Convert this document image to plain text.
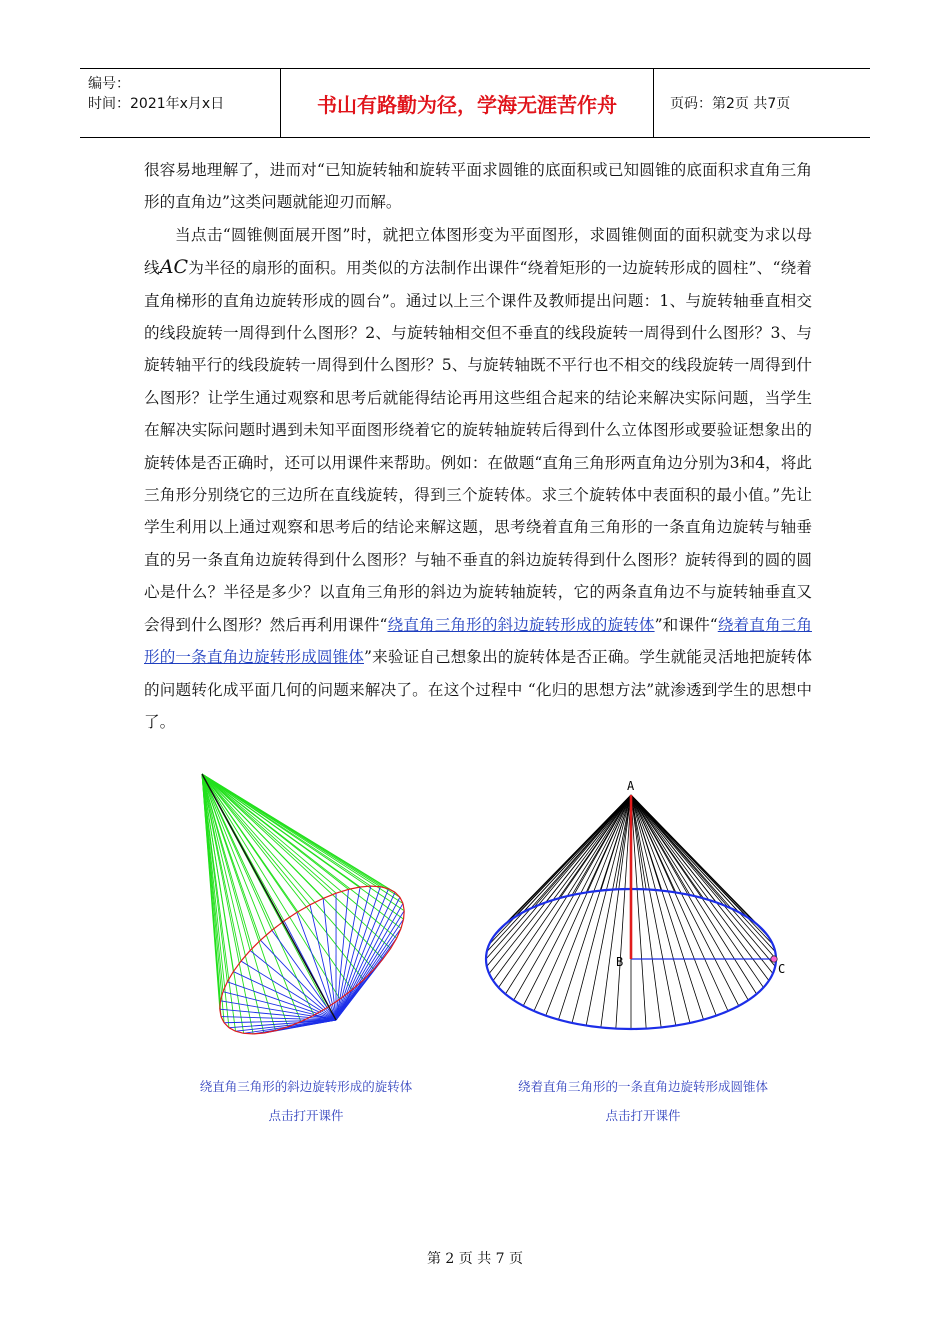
编号：
时间：2021年x月x日	书山有路勤为径，学海无涯苦作舟	页码：第2页 共7页

很容易地理解了，进而对“已知旋转轴和旋转平面求圆锥的底面积或已知圆锥的底面积求直角三角形的直角边”这类问题就能迎刃而解。

当点击“圆锥侧面展开图”时，就把立体图形变为平面图形，求圆锥侧面的面积就变为求以母线AC为半径的扇形的面积。用类似的方法制作出课件“绕着矩形的一边旋转形成的圆柱”、“绕着直角梯形的直角边旋转形成的圆台”。通过以上三个课件及教师提出问题：1、与旋转轴垂直相交的线段旋转一周得到什么图形？2、与旋转轴相交但不垂直的线段旋转一周得到什么图形？3、与旋转轴平行的线段旋转一周得到什么图形？5、与旋转轴既不平行也不相交的线段旋转一周得到什么图形？让学生通过观察和思考后就能得结论再用这些组合起来的结论来解决实际问题，当学生在解决实际问题时遇到未知平面图形绕着它的旋转轴旋转后得到什么立体图形或要验证想象出的旋转体是否正确时，还可以用课件来帮助。例如：在做题“直角三角形两直角边分别为3和4，将此三角形分别绕它的三边所在直线旋转，得到三个旋转体。求三个旋转体中表面积的最小值。”先让学生利用以上通过观察和思考后的结论来解这题，思考绕着直角三角形的一条直角边旋转与轴垂直的另一条直角边旋转得到什么图形？与轴不垂直的斜边旋转得到什么图形？旋转得到的圆的圆心是什么？半径是多少？以直角三角形的斜边为旋转轴旋转，它的两条直角边不与旋转轴垂直又会得到什么图形？然后再利用课件“绕直角三角形的斜边旋转形成的旋转体”和课件“绕着直角三角形的一条直角边旋转形成圆锥体”来验证自己想象出的旋转体是否正确。学生就能灵活地把旋转体的问题转化成平面几何的问题来解决了。在这个过程中 “化归的思想方法”就渗透到学生的思想中了。

A
B	C
绕直角三角形的斜边旋转形成的旋转体
点击打开课件
绕着直角三角形的一条直角边旋转形成圆锥体
点击打开课件
第 2 页 共 7 页
